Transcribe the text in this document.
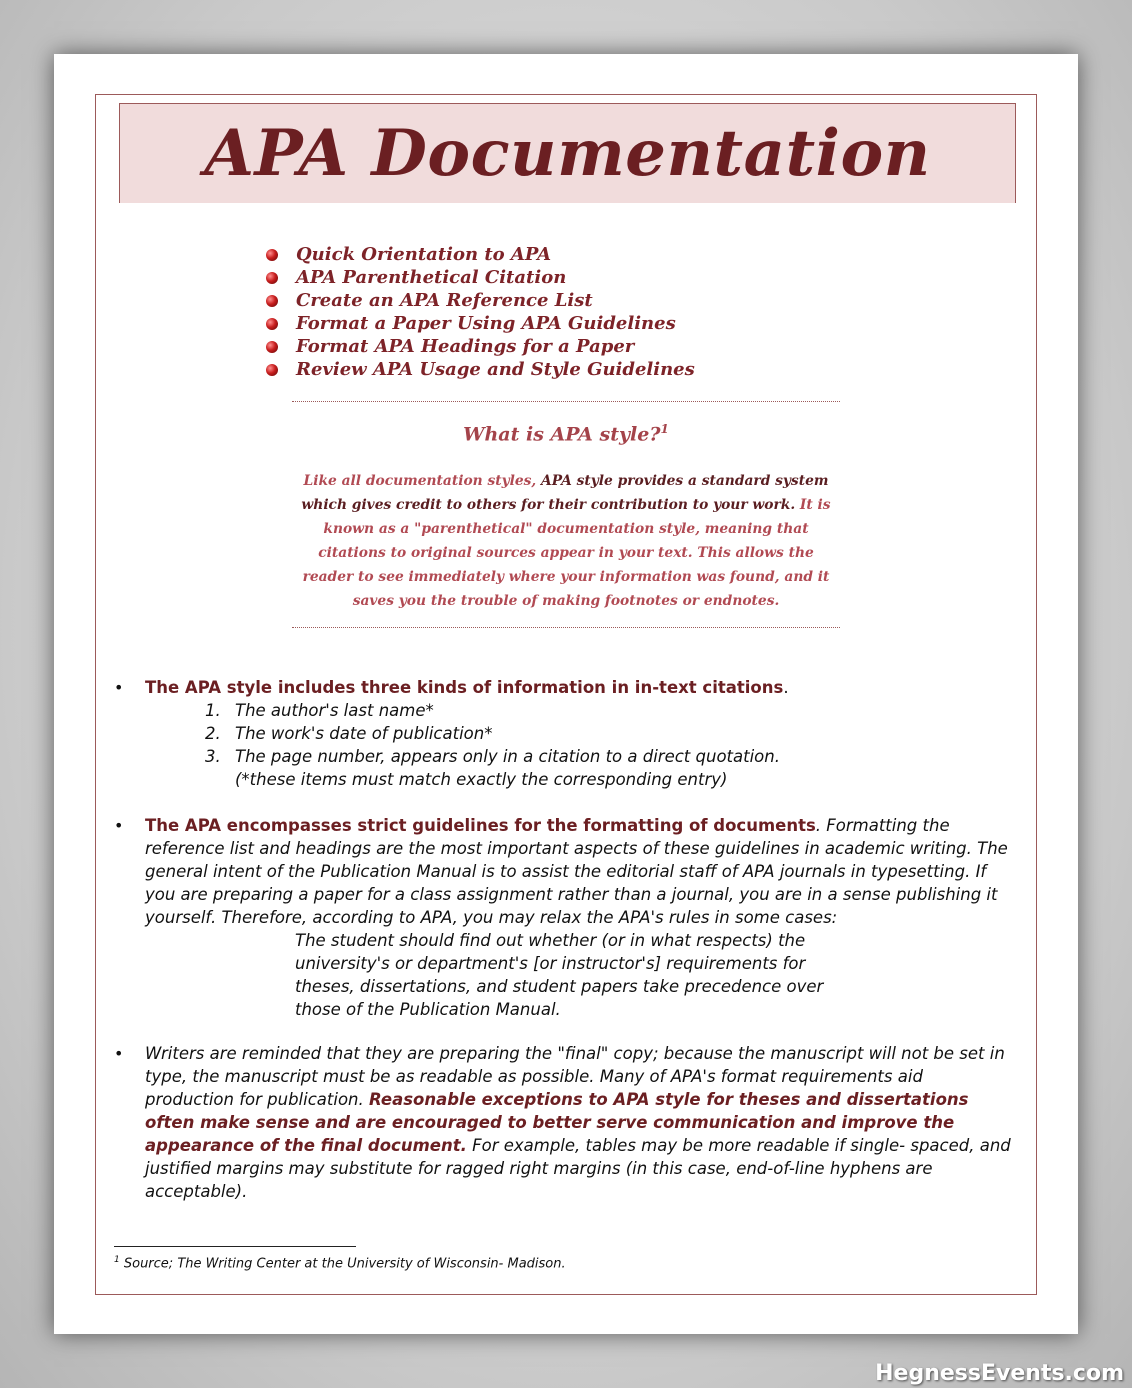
APA Documentation
Quick Orientation to APA
APA Parenthetical Citation
Create an APA Reference List
Format a Paper Using APA Guidelines
Format APA Headings for a Paper
Review APA Usage and Style Guidelines
What is APA style?$^1$
Like all documentation styles, APA style provides a standard system which gives credit to others for their contribution to your work. It is known as a "parenthetical" documentation style, meaning that citations to original sources appear in your text. This allows the reader to see immediately where your information was found, and it saves you the trouble of making footnotes or endnotes.
• The APA style includes three kinds of information in in-text citations.
1. The author's last name*
2. The work's date of publication*
3. The page number, appears only in a citation to a direct quotation.
(*these items must match exactly the corresponding entry)
• The APA encompasses strict guidelines for the formatting of documents. Formatting the reference list and headings are the most important aspects of these guidelines in academic writing. The general intent of the Publication Manual is to assist the editorial staff of APA journals in typesetting. If you are preparing a paper for a class assignment rather than a journal, you are in a sense publishing it yourself. Therefore, according to APA, you may relax the APA's rules in some cases:
The student should find out whether (or in what respects) the university's or department's [or instructor's] requirements for theses, dissertations, and student papers take precedence over those of the Publication Manual.
• Writers are reminded that they are preparing the "final" copy; because the manuscript will not be set in type, the manuscript must be as readable as possible. Many of APA's format requirements aid production for publication. Reasonable exceptions to APA style for theses and dissertations often make sense and are encouraged to better serve communication and improve the appearance of the final document. For example, tables may be more readable if single- spaced, and justified margins may substitute for ragged right margins (in this case, end-of-line hyphens are acceptable).
$^1$ Source; The Writing Center at the University of Wisconsin- Madison.
HegnessEvents.com
